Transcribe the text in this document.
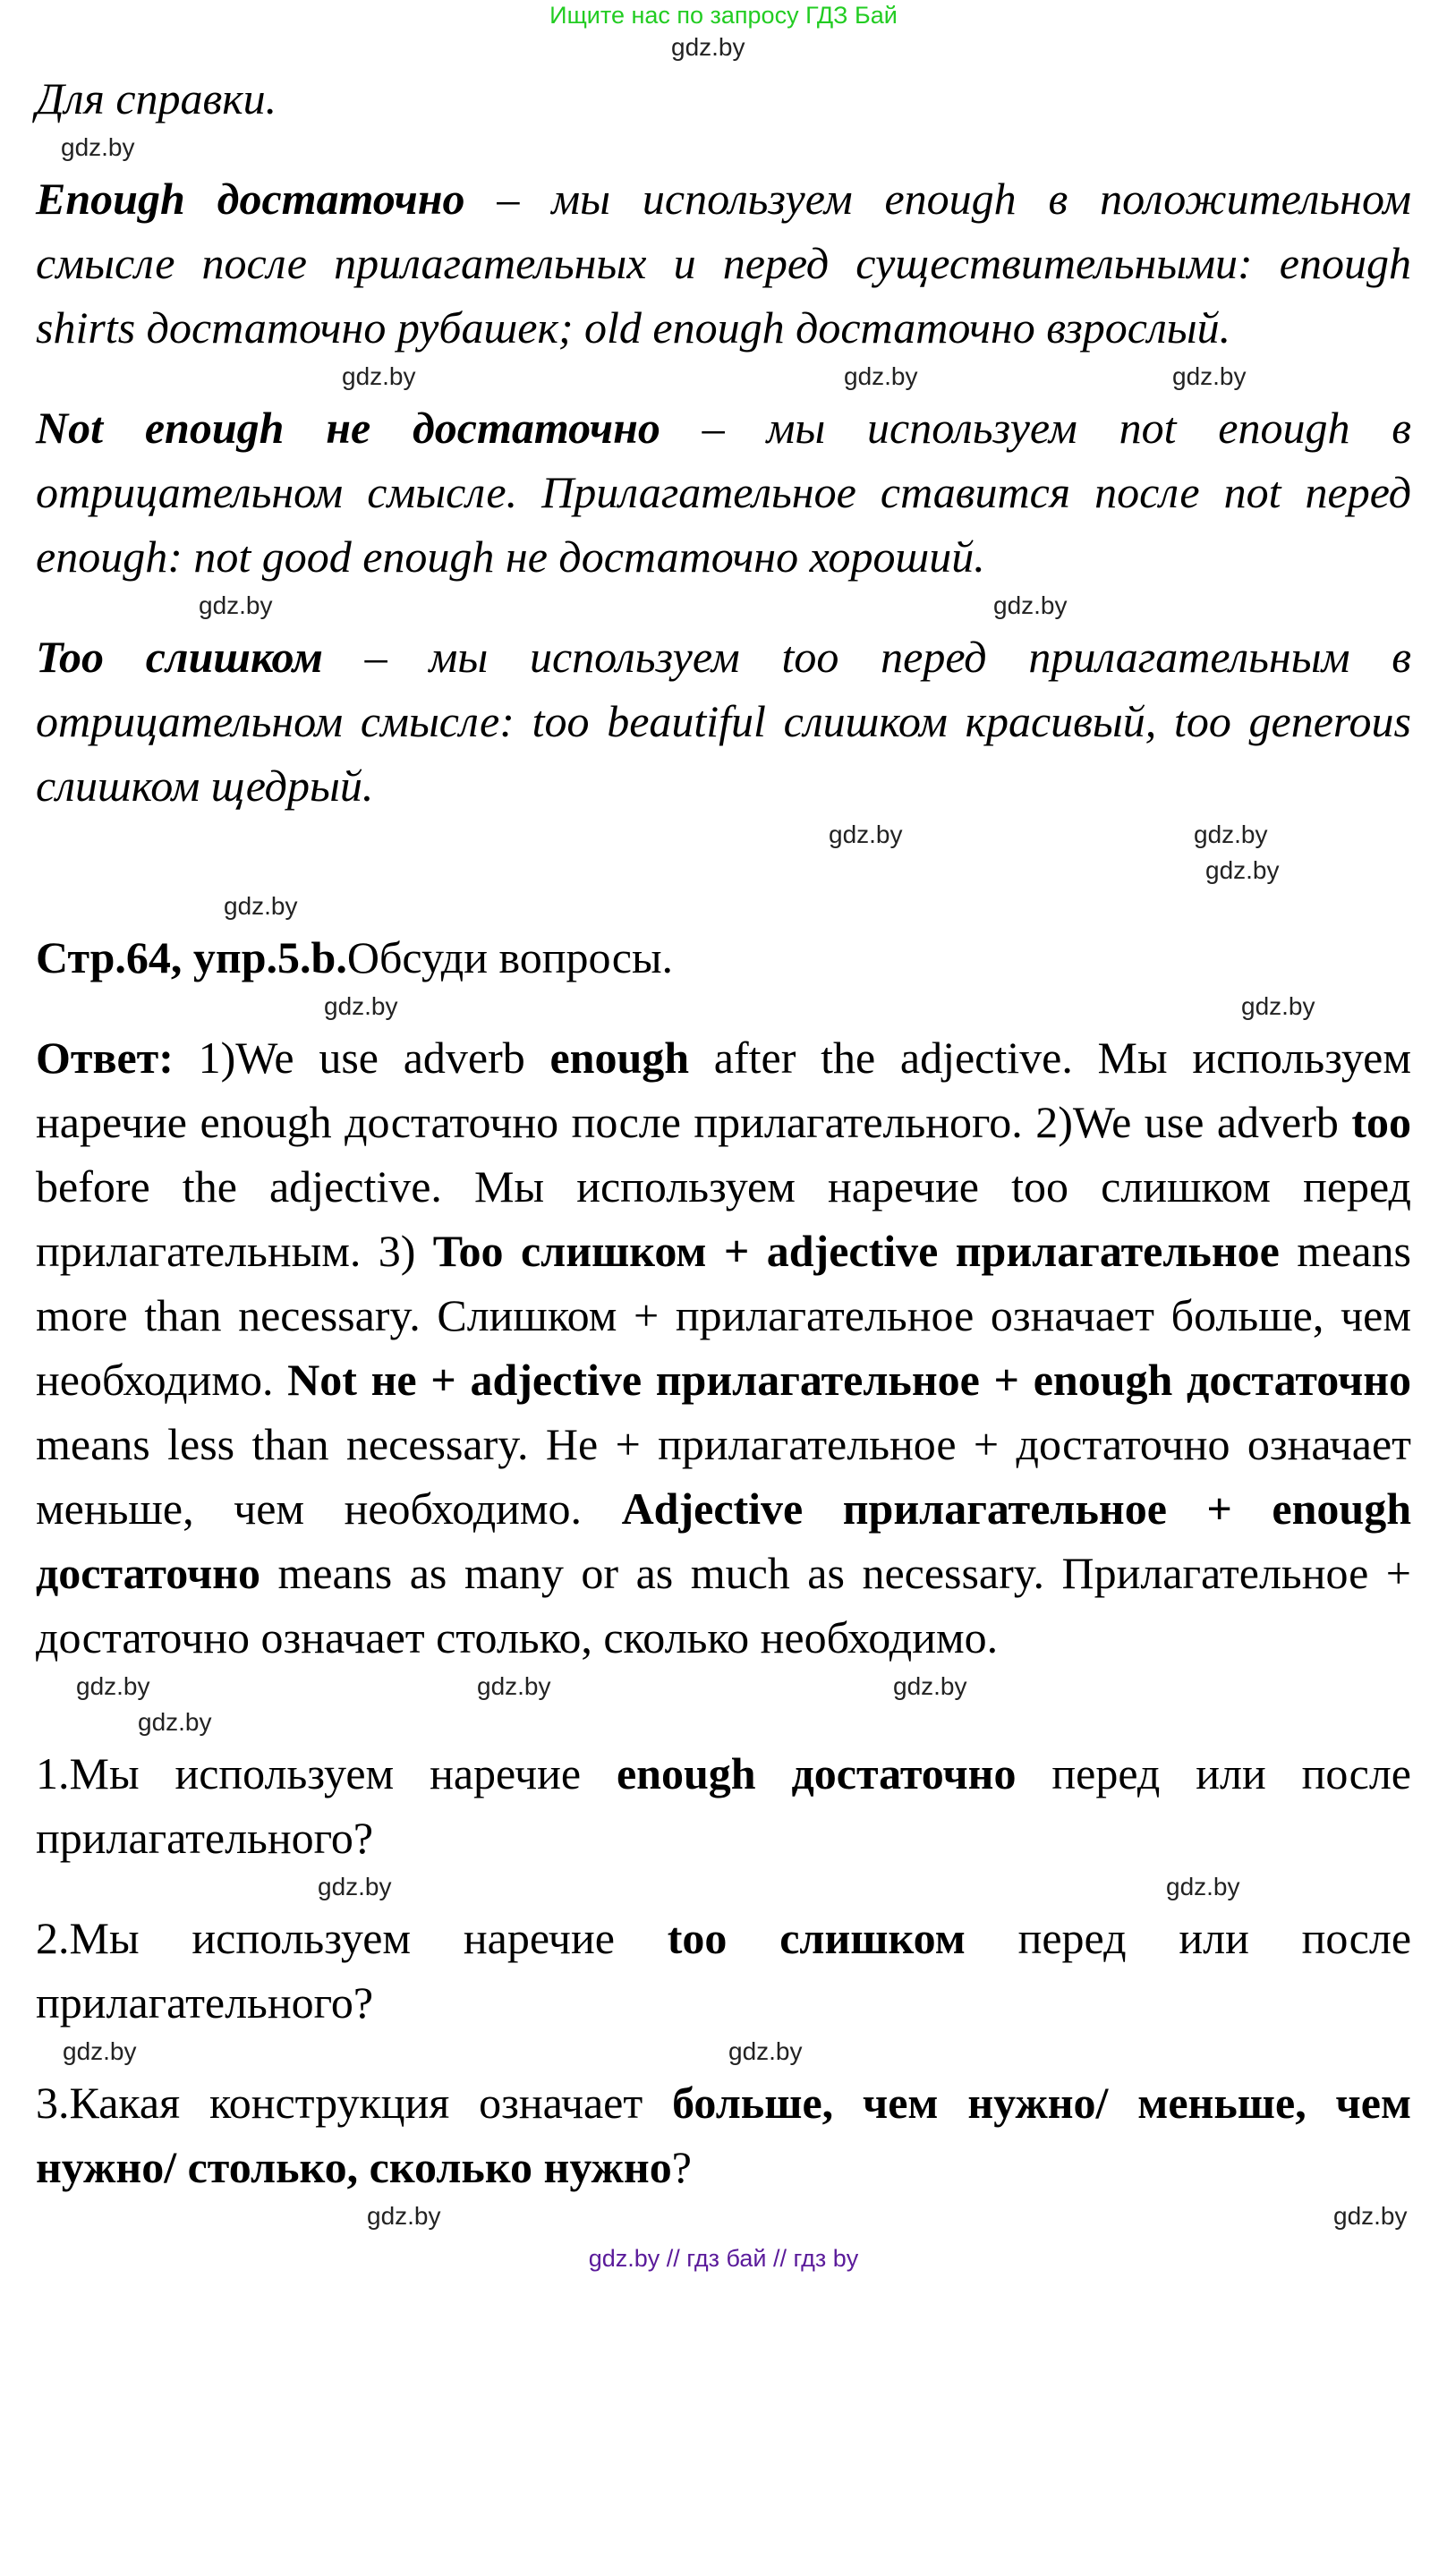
Ищите нас по запросу ГДЗ Бай
gdz.by

Для справки.

gdz.by

Enough достаточно – мы используем enough в положительном смысле после прилагательных и перед существительными: enough shirts достаточно рубашек; old enough достаточно взрослый.

gdz.by	gdz.by	gdz.by

Not enough не достаточно – мы используем not enough в отрицательном смысле. Прилагательное ставится после not перед enough: not good enough не достаточно хороший.

gdz.by	gdz.by

Too слишком – мы используем too перед прилагательным в отрицательном смысле: too beautiful слишком красивый, too generous слишком щедрый.

gdz.by	gdz.by
gdz.by
gdz.by

Стр.64, упр.5.b.Обсуди вопросы.

gdz.by	gdz.by

Ответ: 1)We use adverb enough after the adjective. Мы используем наречие enough достаточно после прилагательного. 2)We use adverb too before the adjective. Мы используем наречие too слишком перед прилагательным. 3) Too слишком + adjective прилагательное means more than necessary. Слишком + прилагательное означает больше, чем необходимо. Not не + adjective прилагательное + enough достаточно means less than necessary. Не + прилагательное + достаточно означает меньше, чем необходимо. Adjective прилагательное + enough достаточно means as many or as much as necessary. Прилагательное + достаточно означает столько, сколько необходимо.

gdz.by	gdz.by	gdz.by
gdz.by

1.Мы используем наречие enough достаточно перед или после прилагательного?

gdz.by	gdz.by

2.Мы используем наречие too слишком перед или после прилагательного?

gdz.by	gdz.by

3.Какая конструкция означает больше, чем нужно/ меньше, чем нужно/ столько, сколько нужно?

gdz.by	gdz.by
gdz.by // гдз бай // гдз by
